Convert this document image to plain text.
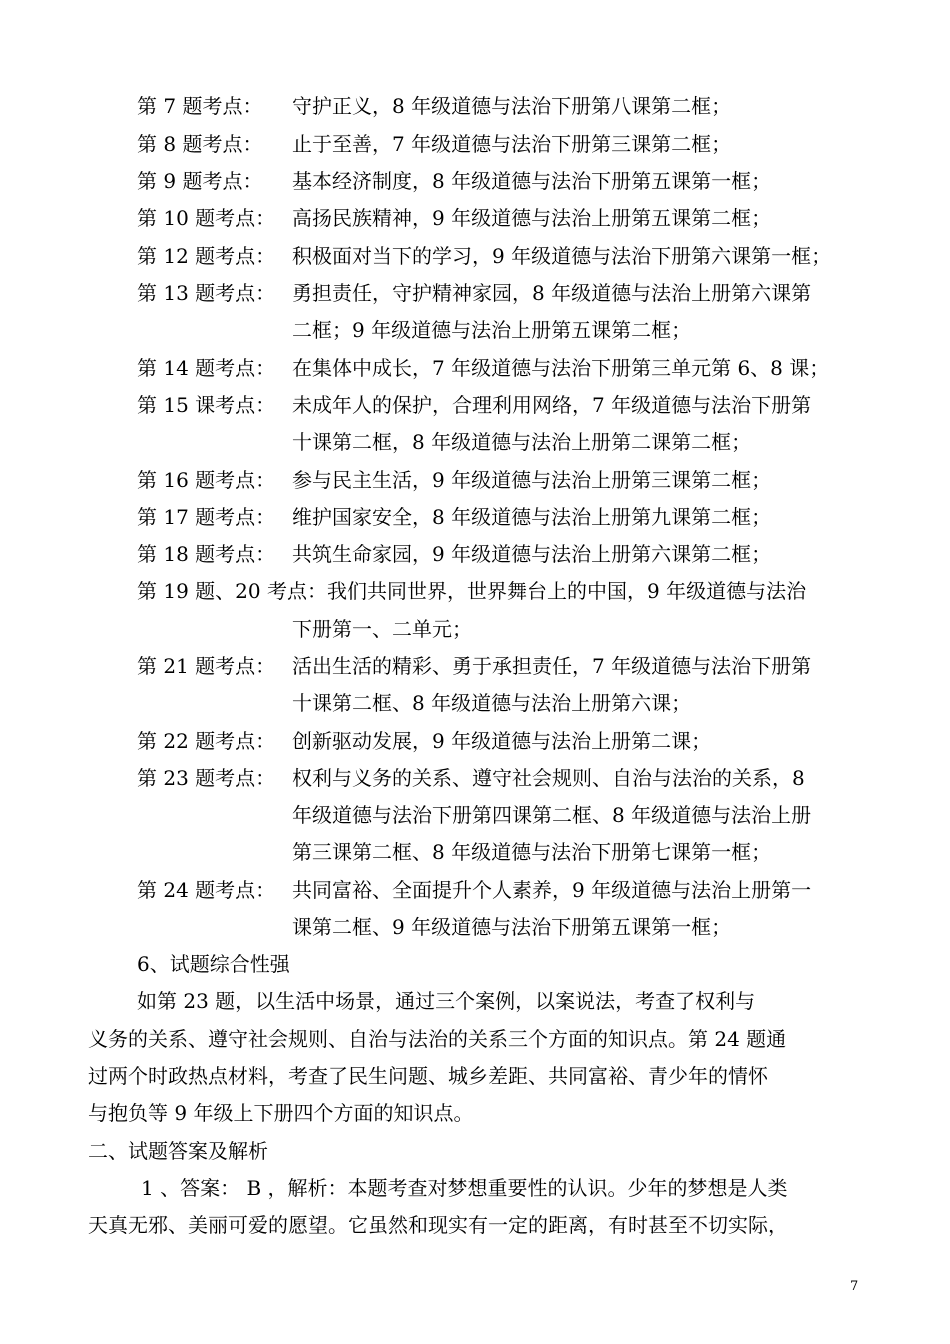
第 7 题考点： 守护正义，8 年级道德与法治下册第八课第二框；
第 8 题考点： 止于至善，7 年级道德与法治下册第三课第二框；
第 9 题考点： 基本经济制度，8 年级道德与法治下册第五课第一框；
第 10 题考点： 高扬民族精神，9 年级道德与法治上册第五课第二框；
第 12 题考点： 积极面对当下的学习，9 年级道德与法治下册第六课第一框；
第 13 题考点： 勇担责任，守护精神家园，8 年级道德与法治上册第六课第
二框；9 年级道德与法治上册第五课第二框；
第 14 题考点： 在集体中成长，7 年级道德与法治下册第三单元第 6、8 课；
第 15 课考点： 未成年人的保护，合理利用网络，7 年级道德与法治下册第
十课第二框，8 年级道德与法治上册第二课第二框；
第 16 题考点： 参与民主生活，9 年级道德与法治上册第三课第二框；
第 17 题考点： 维护国家安全，8 年级道德与法治上册第九课第二框；
第 18 题考点： 共筑生命家园，9 年级道德与法治上册第六课第二框；
第 19 题、20 考点：我们共同世界，世界舞台上的中国，9 年级道德与法治
下册第一、二单元；
第 21 题考点： 活出生活的精彩、勇于承担责任，7 年级道德与法治下册第
十课第二框、8 年级道德与法治上册第六课；
第 22 题考点： 创新驱动发展，9 年级道德与法治上册第二课；
第 23 题考点： 权利与义务的关系、遵守社会规则、自治与法治的关系，8
年级道德与法治下册第四课第二框、8 年级道德与法治上册
第三课第二框、8 年级道德与法治下册第七课第一框；
第 24 题考点： 共同富裕、全面提升个人素养，9 年级道德与法治上册第一
课第二框、9 年级道德与法治下册第五课第一框；
6、试题综合性强
如第 23 题，以生活中场景，通过三个案例，以案说法，考查了权利与
义务的关系、遵守社会规则、自治与法治的关系三个方面的知识点。第 24 题通
过两个时政热点材料，考查了民生问题、城乡差距、共同富裕、青少年的情怀
与抱负等 9 年级上下册四个方面的知识点。
二、试题答案及解析
1 、答案： B ，解析：本题考查对梦想重要性的认识。少年的梦想是人类
天真无邪、美丽可爱的愿望。它虽然和现实有一定的距离，有时甚至不切实际，
7
